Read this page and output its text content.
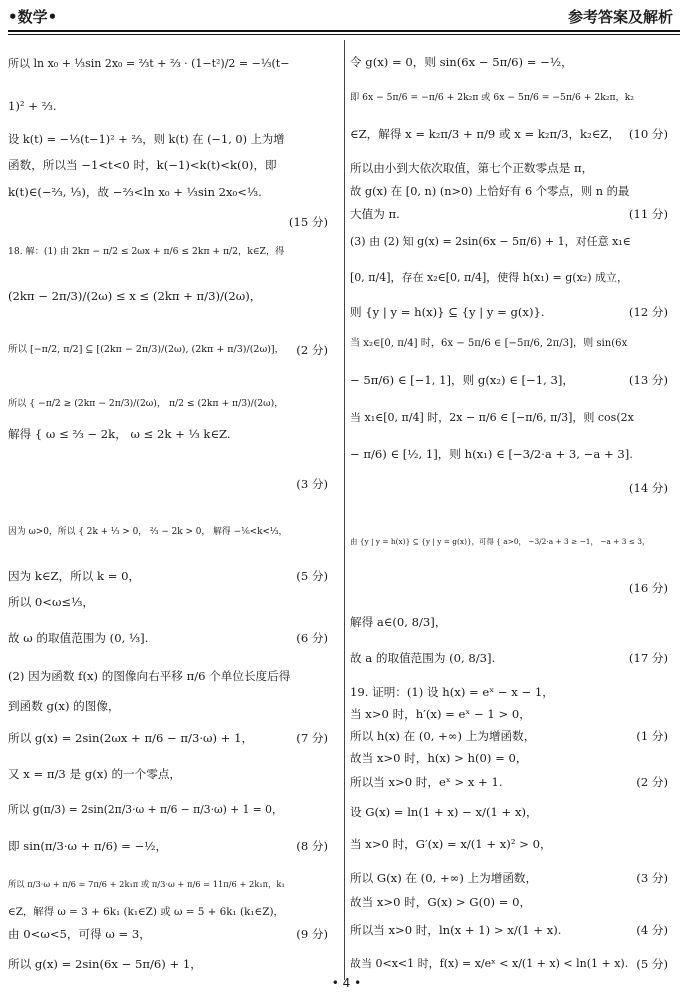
•数学•	参考答案及解析
所以 ln x₀ + ⅓sin 2x₀ = ⅔t + ⅔ · (1−t²)/2 = −⅓(t−
1)² + ⅔.
设 k(t) = −⅓(t−1)² + ⅔，则 k(t) 在 (−1, 0) 上为增
函数，所以当 −1<t<0 时，k(−1)<k(t)<k(0)，即
k(t)∈(−⅔, ⅓)，故 −⅔<ln x₀ + ⅓sin 2x₀<⅓.
(15 分)
18. 解：(1) 由 2kπ − π/2 ≤ 2ωx + π/6 ≤ 2kπ + π/2，k∈Z，得
(2kπ − 2π/3)/(2ω) ≤ x ≤ (2kπ + π/3)/(2ω)，
所以 [−π/2, π/2] ⊆ [(2kπ − 2π/3)/(2ω), (2kπ + π/3)/(2ω)]， (2 分)
所以 { −π/2 ≥ (2kπ − 2π/3)/(2ω)， π/2 ≤ (2kπ + π/3)/(2ω)，
解得 { ω ≤ ⅔ − 2k， ω ≤ 2k + ⅓ k∈Z.
(3 分)
因为 ω>0，所以 { 2k + ⅓ > 0， ⅔ − 2k > 0， 解得 −⅙<k<⅓，
因为 k∈Z，所以 k = 0，	(5 分)
所以 0<ω≤⅓，
故 ω 的取值范围为 (0, ⅓].	(6 分)
(2) 因为函数 f(x) 的图像向右平移 π/6 个单位长度后得
到函数 g(x) 的图像，
所以 g(x) = 2sin(2ωx + π/6 − π/3·ω) + 1，	(7 分)
又 x = π/3 是 g(x) 的一个零点，
所以 g(π/3) = 2sin(2π/3·ω + π/6 − π/3·ω) + 1 = 0，
即 sin(π/3·ω + π/6) = −½，	(8 分)
所以 π/3·ω + π/6 = 7π/6 + 2k₁π 或 π/3·ω + π/6 = 11π/6 + 2k₁π，k₁
∈Z，解得 ω = 3 + 6k₁ (k₁∈Z) 或 ω = 5 + 6k₁ (k₁∈Z)，
由 0<ω<5，可得 ω = 3，	(9 分)
所以 g(x) = 2sin(6x − 5π/6) + 1，
令 g(x) = 0，则 sin(6x − 5π/6) = −½，
即 6x − 5π/6 = −π/6 + 2k₂π 或 6x − 5π/6 = −5π/6 + 2k₂π，k₂
∈Z，解得 x = k₂π/3 + π/9 或 x = k₂π/3，k₂∈Z， (10 分)
所以由小到大依次取值，第七个正数零点是 π，
故 g(x) 在 [0, n) (n>0) 上恰好有 6 个零点，则 n 的最
大值为 π.	(11 分)
(3) 由 (2) 知 g(x) = 2sin(6x − 5π/6) + 1，对任意 x₁∈
[0, π/4]，存在 x₂∈[0, π/4]，使得 h(x₁) = g(x₂) 成立，
则 {y | y = h(x)} ⊆ {y | y = g(x)}.	(12 分)
当 x₂∈[0, π/4] 时，6x − 5π/6 ∈ [−5π/6, 2π/3]，则 sin(6x
− 5π/6) ∈ [−1, 1]，则 g(x₂) ∈ [−1, 3]，	(13 分)
当 x₁∈[0, π/4] 时，2x − π/6 ∈ [−π/6, π/3]，则 cos(2x
− π/6) ∈ [½, 1]，则 h(x₁) ∈ [−3/2·a + 3, −a + 3].
(14 分)
由 {y | y = h(x)} ⊆ {y | y = g(x)}，可得 { a>0， −3/2·a + 3 ≥ −1， −a + 3 ≤ 3，
(16 分)
解得 a∈(0, 8/3]，
故 a 的取值范围为 (0, 8/3].	(17 分)
19. 证明：(1) 设 h(x) = eˣ − x − 1，
当 x>0 时，h′(x) = eˣ − 1 > 0，
所以 h(x) 在 (0, +∞) 上为增函数，	(1 分)
故当 x>0 时，h(x) > h(0) = 0，
所以当 x>0 时，eˣ > x + 1.	(2 分)
设 G(x) = ln(1 + x) − x/(1 + x)，
当 x>0 时，G′(x) = x/(1 + x)² > 0，
所以 G(x) 在 (0, +∞) 上为增函数，	(3 分)
故当 x>0 时，G(x) > G(0) = 0，
所以当 x>0 时，ln(x + 1) > x/(1 + x).	(4 分)
故当 0<x<1 时，f(x) = x/eˣ < x/(1 + x) < ln(1 + x). (5 分)
• 4 •
